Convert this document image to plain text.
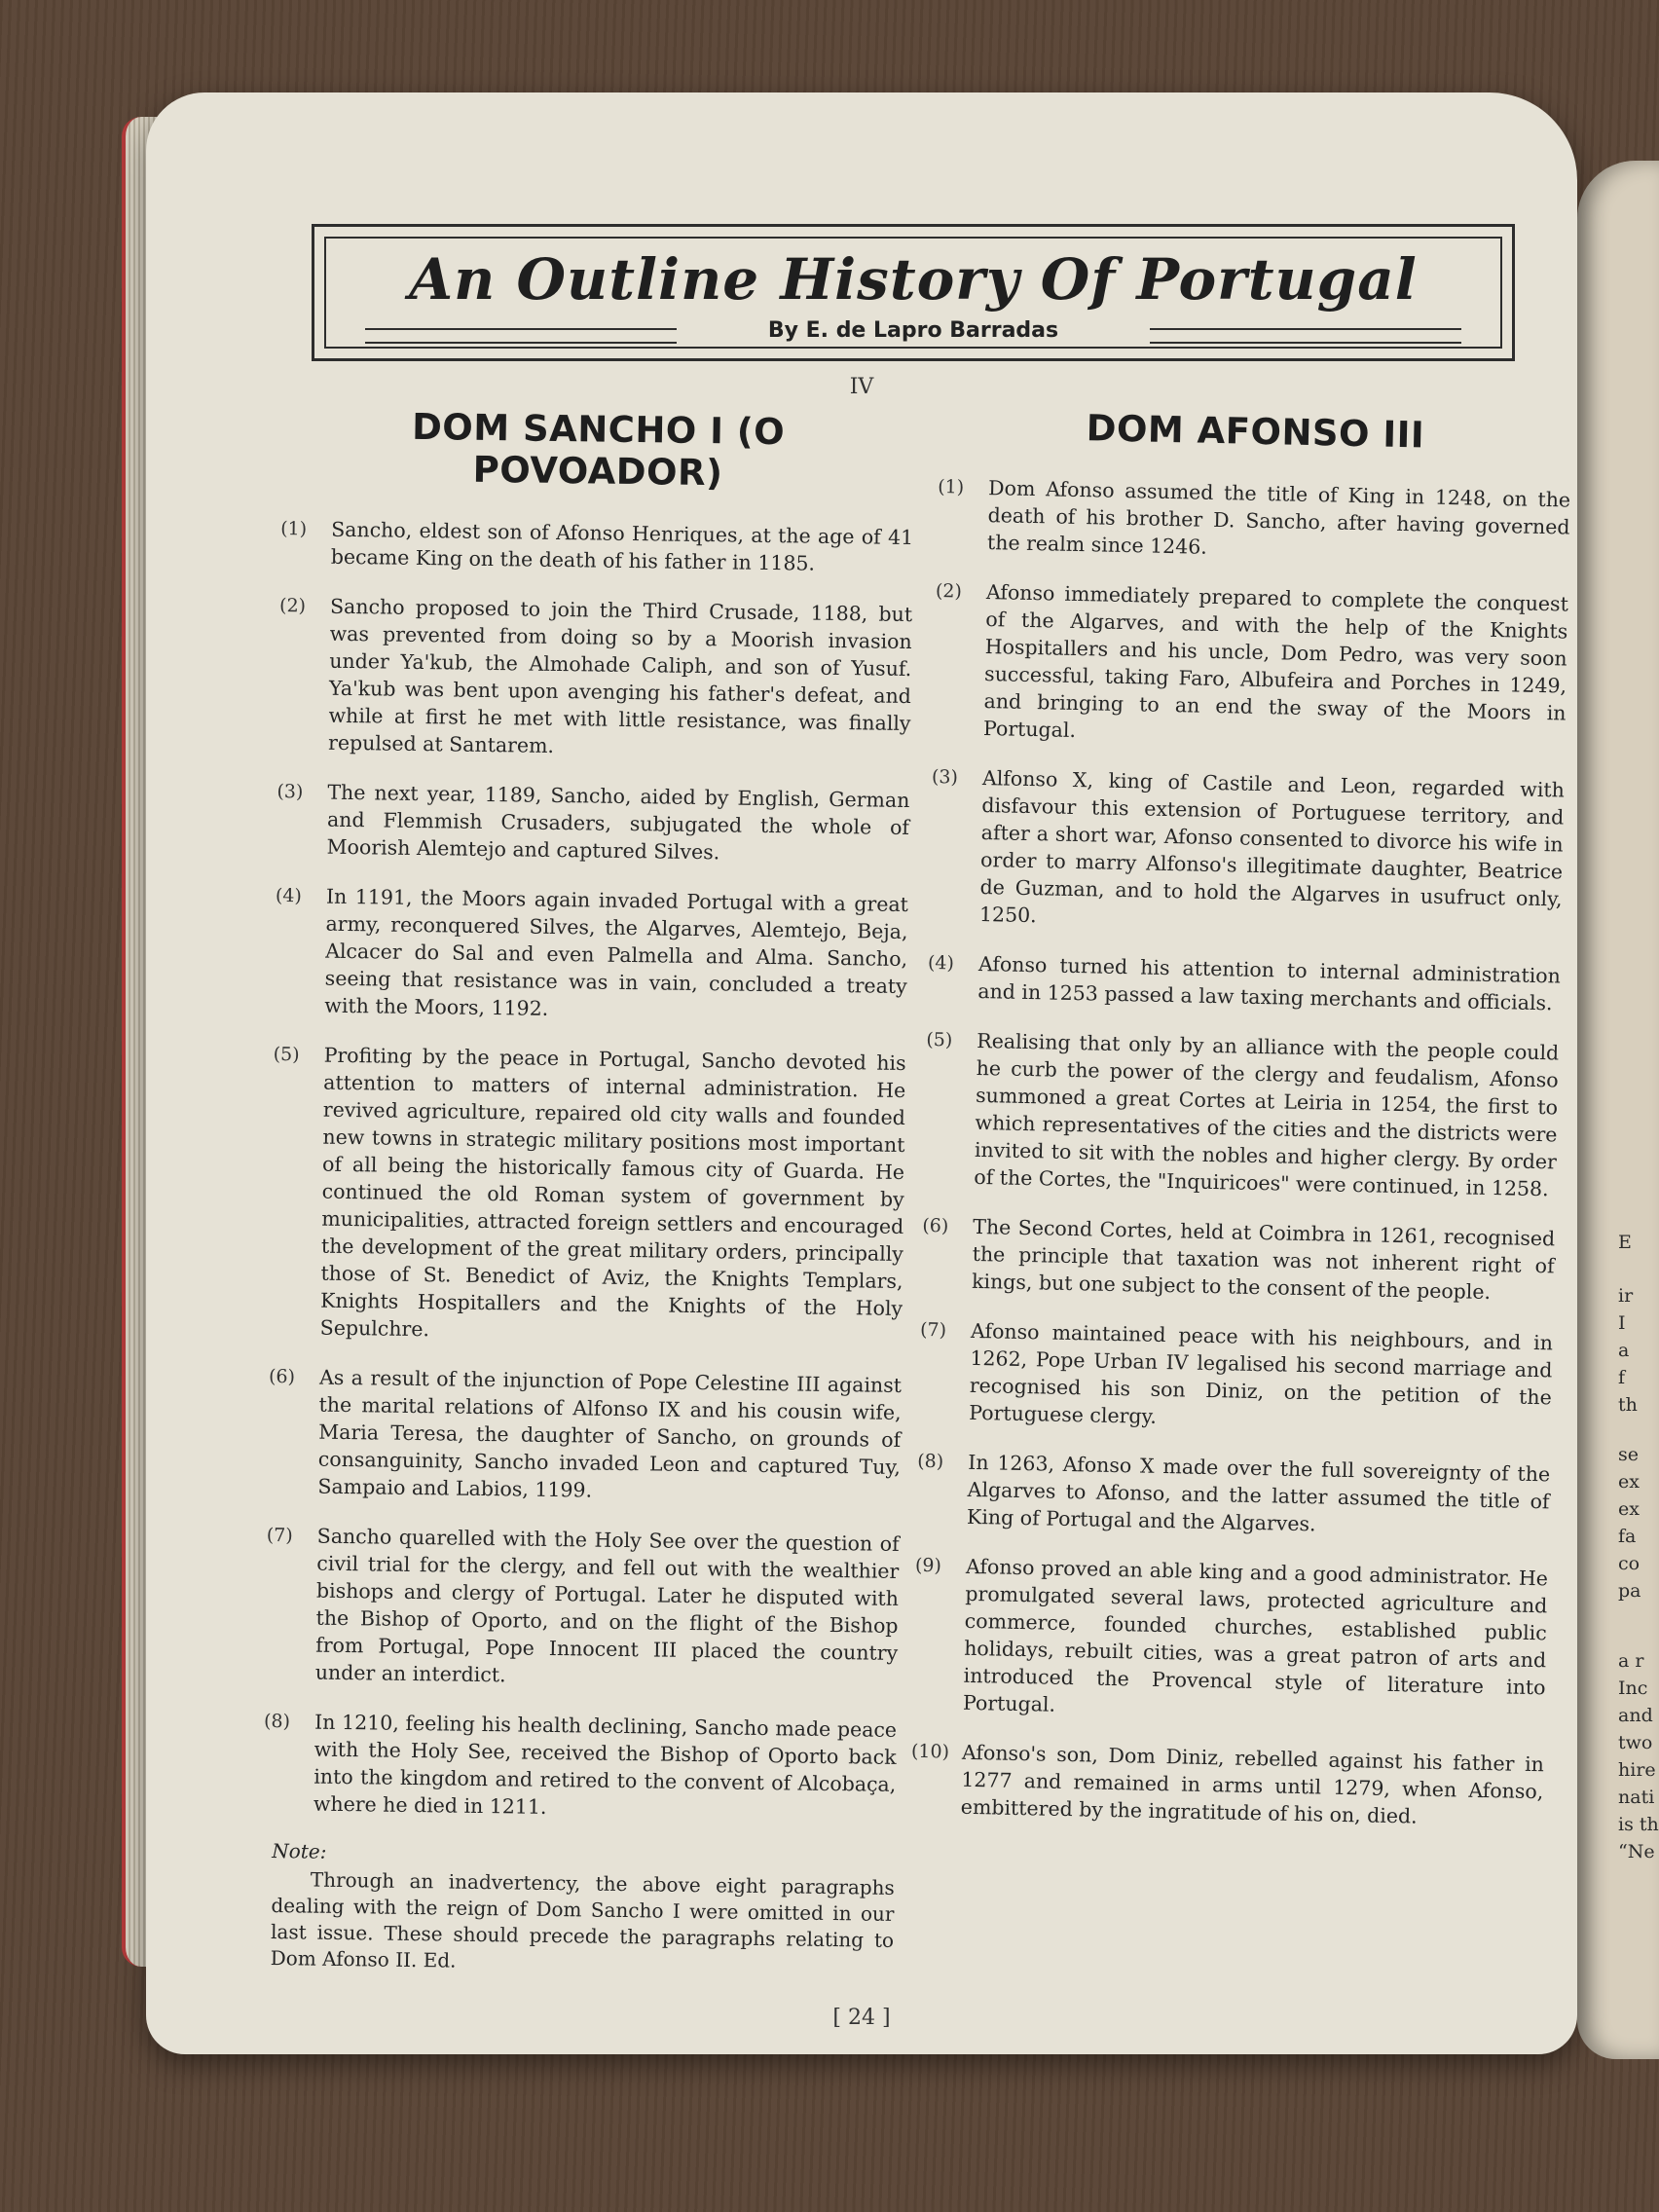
E
ir
I
a
f
th
se
ex
ex
fa
co
pa
a r
Inc
and
two
hire
nati
is th
“Ne
An Outline History Of Portugal
By E. de Lapro Barradas
IV
DOM SANCHO I (O POVOADOR)
(1) Sancho, eldest son of Afonso Henriques, at the age of 41 became King on the death of his father in 1185.
(2) Sancho proposed to join the Third Crusade, 1188, but was prevented from doing so by a Moorish invasion under Ya'kub, the Almohade Caliph, and son of Yusuf. Ya'kub was bent upon avenging his father's defeat, and while at first he met with little resistance, was finally repulsed at Santarem.
(3) The next year, 1189, Sancho, aided by English, German and Flemmish Crusaders, subjugated the whole of Moorish Alemtejo and captured Silves.
(4) In 1191, the Moors again invaded Portugal with a great army, reconquered Silves, the Algarves, Alemtejo, Beja, Alcacer do Sal and even Palmella and Alma. Sancho, seeing that resistance was in vain, concluded a treaty with the Moors, 1192.
(5) Profiting by the peace in Portugal, Sancho devoted his attention to matters of internal administration. He revived agriculture, repaired old city walls and founded new towns in strategic military positions most important of all being the historically famous city of Guarda. He continued the old Roman system of government by municipalities, attracted foreign settlers and encouraged the development of the great military orders, principally those of St. Benedict of Aviz, the Knights Templars, Knights Hospitallers and the Knights of the Holy Sepulchre.
(6) As a result of the injunction of Pope Celestine III against the marital relations of Alfonso IX and his cousin wife, Maria Teresa, the daughter of Sancho, on grounds of consanguinity, Sancho invaded Leon and captured Tuy, Sampaio and Labios, 1199.
(7) Sancho quarelled with the Holy See over the question of civil trial for the clergy, and fell out with the wealthier bishops and clergy of Portugal. Later he disputed with the Bishop of Oporto, and on the flight of the Bishop from Portugal, Pope Innocent III placed the country under an interdict.
(8) In 1210, feeling his health declining, Sancho made peace with the Holy See, received the Bishop of Oporto back into the kingdom and retired to the convent of Alcobaça, where he died in 1211.
Note:
Through an inadvertency, the above eight paragraphs dealing with the reign of Dom Sancho I were omitted in our last issue. These should precede the paragraphs relating to Dom Afonso II. Ed.
DOM AFONSO III
(1) Dom Afonso assumed the title of King in 1248, on the death of his brother D. Sancho, after having governed the realm since 1246.
(2) Afonso immediately prepared to complete the conquest of the Algarves, and with the help of the Knights Hospitallers and his uncle, Dom Pedro, was very soon successful, taking Faro, Albufeira and Porches in 1249, and bringing to an end the sway of the Moors in Portugal.
(3) Alfonso X, king of Castile and Leon, regarded with disfavour this extension of Portuguese territory, and after a short war, Afonso consented to divorce his wife in order to marry Alfonso's illegitimate daughter, Beatrice de Guzman, and to hold the Algarves in usufruct only, 1250.
(4) Afonso turned his attention to internal administration and in 1253 passed a law taxing merchants and officials.
(5) Realising that only by an alliance with the people could he curb the power of the clergy and feudalism, Afonso summoned a great Cortes at Leiria in 1254, the first to which representatives of the cities and the districts were invited to sit with the nobles and higher clergy. By order of the Cortes, the "Inquiricoes" were continued, in 1258.
(6) The Second Cortes, held at Coimbra in 1261, recognised the principle that taxation was not inherent right of kings, but one subject to the consent of the people.
(7) Afonso maintained peace with his neighbours, and in 1262, Pope Urban IV legalised his second marriage and recognised his son Diniz, on the petition of the Portuguese clergy.
(8) In 1263, Afonso X made over the full sovereignty of the Algarves to Afonso, and the latter assumed the title of King of Portugal and the Algarves.
(9) Afonso proved an able king and a good administrator. He promulgated several laws, protected agriculture and commerce, founded churches, established public holidays, rebuilt cities, was a great patron of arts and introduced the Provencal style of literature into Portugal.
(10) Afonso's son, Dom Diniz, rebelled against his father in 1277 and remained in arms until 1279, when Afonso, embittered by the ingratitude of his on, died.
[ 24 ]
